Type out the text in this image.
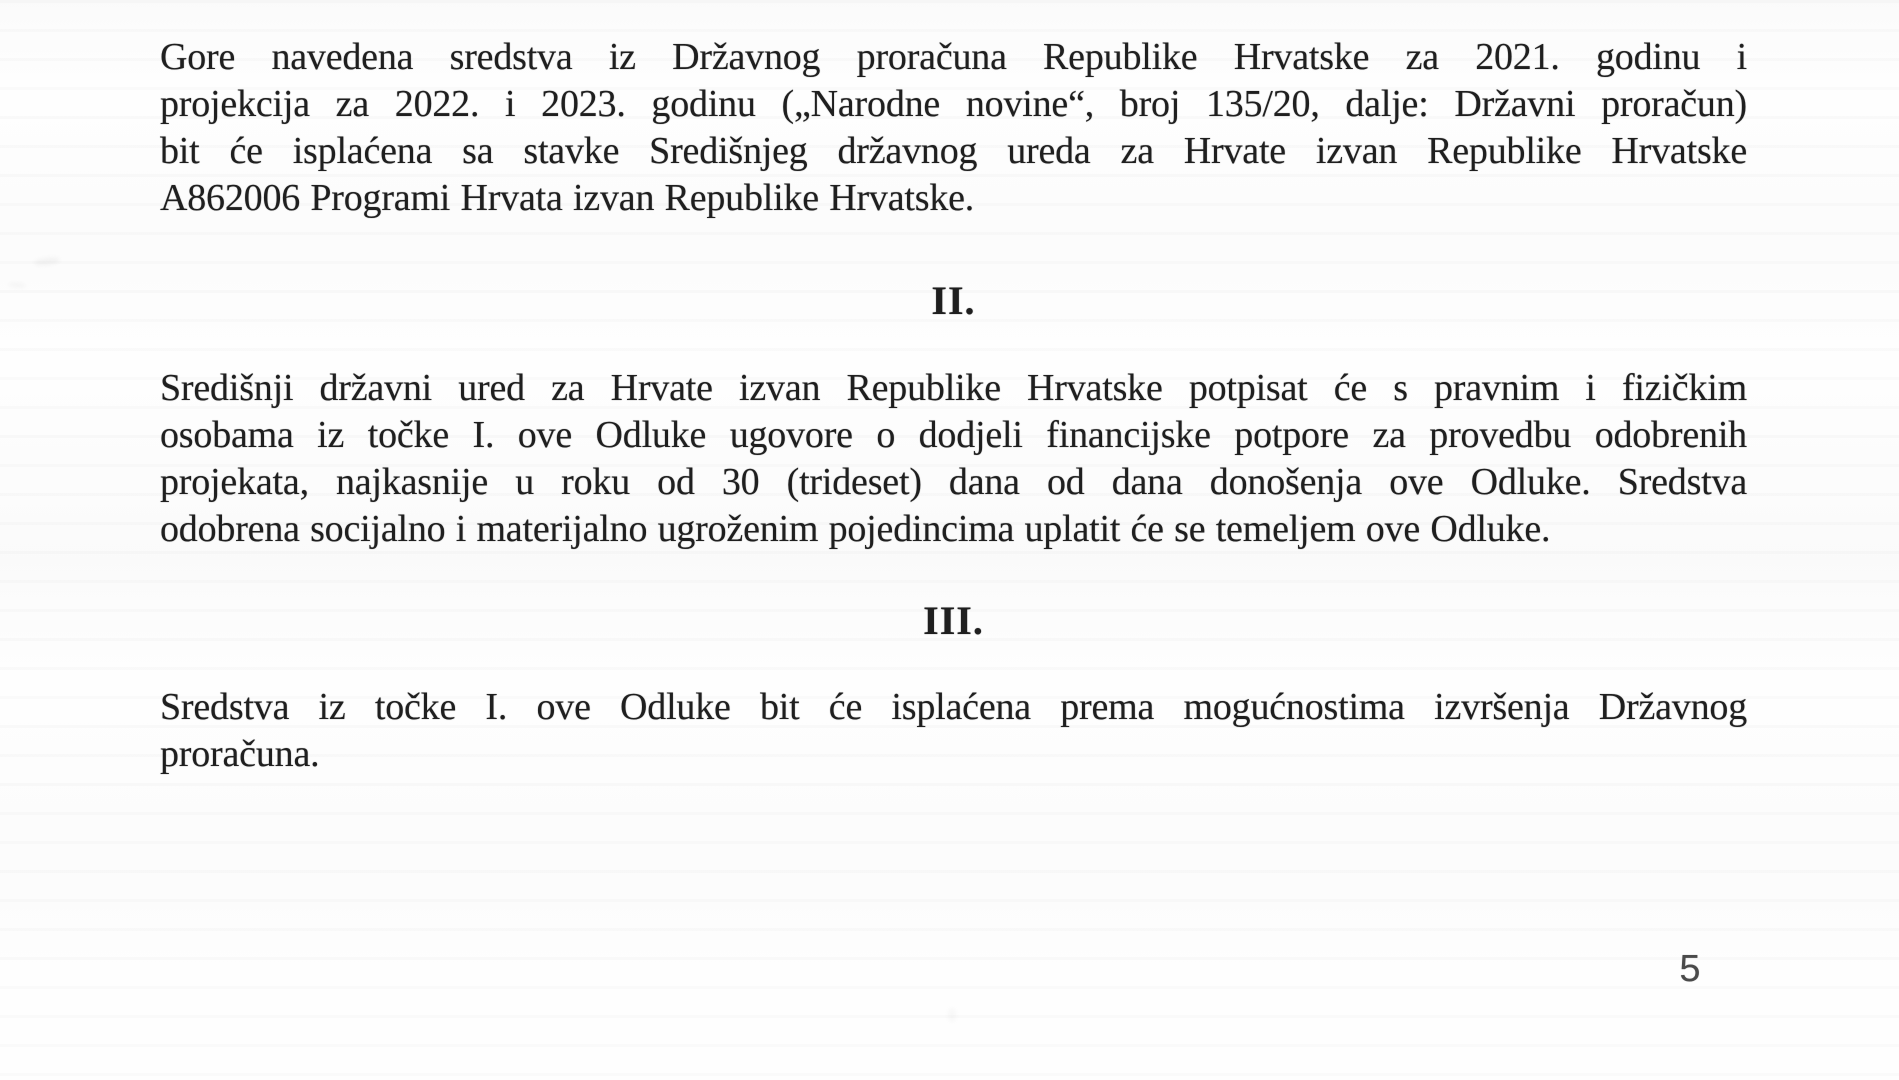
Gore navedena sredstva iz Državnog proračuna Republike Hrvatske za 2021. godinu i
projekcija za 2022. i 2023. godinu („Narodne novine“, broj 135/20, dalje: Državni proračun)
bit će isplaćena sa stavke Središnjeg državnog ureda za Hrvate izvan Republike Hrvatske
A862006 Programi Hrvata izvan Republike Hrvatske.
II.
Središnji državni ured za Hrvate izvan Republike Hrvatske potpisat će s pravnim i fizičkim
osobama iz točke I. ove Odluke ugovore o dodjeli financijske potpore za provedbu odobrenih
projekata, najkasnije u roku od 30 (trideset) dana od dana donošenja ove Odluke. Sredstva
odobrena socijalno i materijalno ugroženim pojedincima uplatit će se temeljem ove Odluke.
III.
Sredstva iz točke I. ove Odluke bit će isplaćena prema mogućnostima izvršenja Državnog
proračuna.
5
